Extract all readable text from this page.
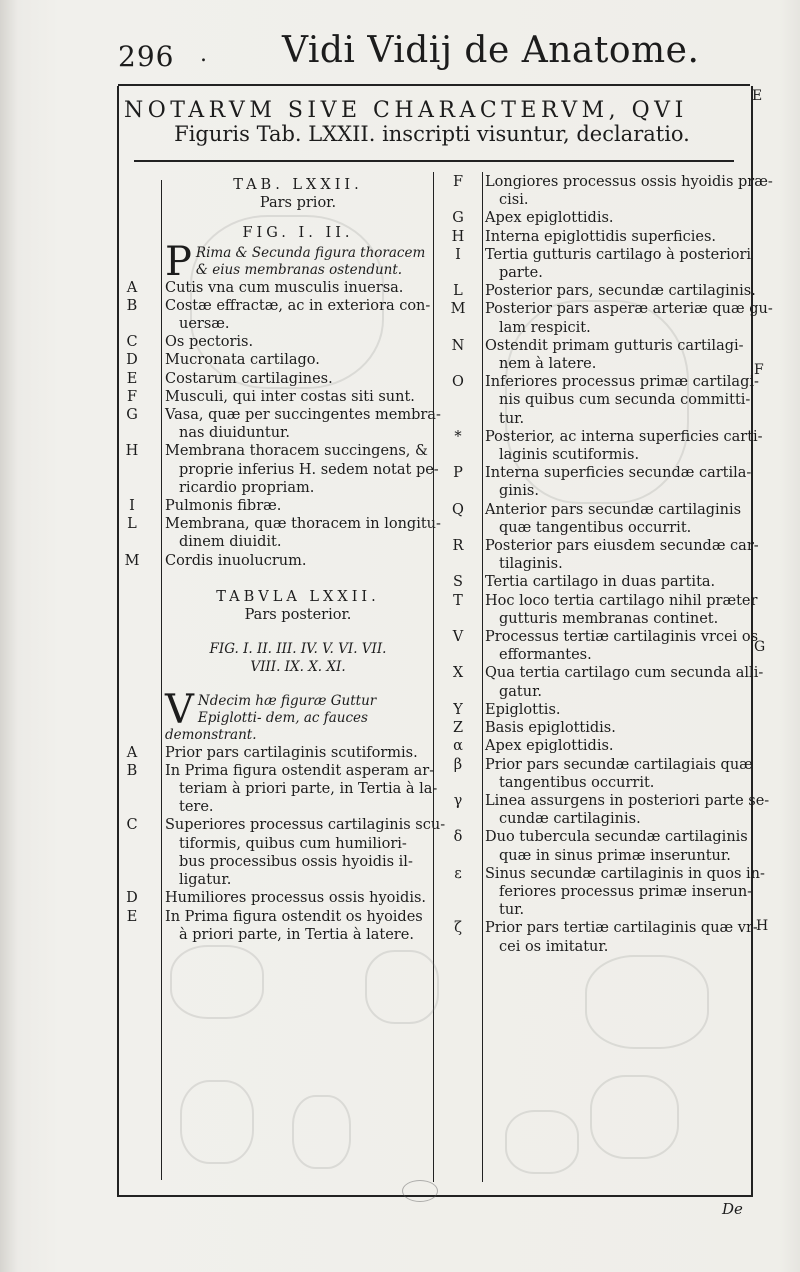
296 . Vidi Vidij de Anatome.
NOTARVM SIVE CHARACTERVM, QVI
Figuris Tab. LXXII. inscripti visuntur, declaratio.
E
F
G
H
TAB. LXXII.
Pars prior.
FIG. I. II.
P Rima & Secunda figura thoracem & eius membranas ostendunt.
A	Cutis vna cum musculis inuersa.
B	Costæ effractæ, ac in exteriora con-
uersæ.
C	Os pectoris.
D	Mucronata cartilago.
E	Costarum cartilagines.
F	Musculi, qui inter costas siti sunt.
G	Vasa, quæ per succingentes membra-
nas diuiduntur.
H	Membrana thoracem succingens, &
proprie inferius H. sedem notat pe-
ricardio propriam.
I	Pulmonis fibræ.
L	Membrana, quæ thoracem in longitu-
dinem diuidit.
M	Cordis inuolucrum.
TABVLA LXXII.
Pars posterior.
FIG. I. II. III. IV. V. VI. VII.
VIII. IX. X. XI.
V Ndecim hæ figuræ Guttur Epiglotti- dem, ac fauces demonstrant.
A	Prior pars cartilaginis scutiformis.
B	In Prima figura ostendit asperam ar-
teriam à priori parte, in Tertia à la-
tere.
C	Superiores processus cartilaginis scu-
tiformis, quibus cum humiliori-
bus processibus ossis hyoidis il-
ligatur.
D	Humiliores processus ossis hyoidis.
E	In Prima figura ostendit os hyoides
à priori parte, in Tertia à latere.
F	Longiores processus ossis hyoidis præ-
cisi.
G	Apex epiglottidis.
H	Interna epiglottidis superficies.
I	Tertia gutturis cartilago à posteriori
parte.
L	Posterior pars, secundæ cartilaginis.
M	Posterior pars asperæ arteriæ quæ gu-
lam respicit.
N	Ostendit primam gutturis cartilagi-
nem à latere.
O	Inferiores processus primæ cartilagi-
nis quibus cum secunda committi-
tur.
*	Posterior, ac interna superficies carti-
laginis scutiformis.
P	Interna superficies secundæ cartila-
ginis.
Q	Anterior pars secundæ cartilaginis
quæ tangentibus occurrit.
R	Posterior pars eiusdem secundæ car-
tilaginis.
S	Tertia cartilago in duas partita.
T	Hoc loco tertia cartilago nihil præter
gutturis membranas continet.
V	Processus tertiæ cartilaginis vrcei os
efformantes.
X	Qua tertia cartilago cum secunda alli-
gatur.
Y	Epiglottis.
Z	Basis epiglottidis.
α	Apex epiglottidis.
β	Prior pars secundæ cartilagiais quæ
tangentibus occurrit.
γ	Linea assurgens in posteriori parte se-
cundæ cartilaginis.
δ	Duo tubercula secundæ cartilaginis
quæ in sinus primæ inseruntur.
ε	Sinus secundæ cartilaginis in quos in-
feriores processus primæ inserun-
tur.
ζ	Prior pars tertiæ cartilaginis quæ vr-
cei os imitatur.
De
